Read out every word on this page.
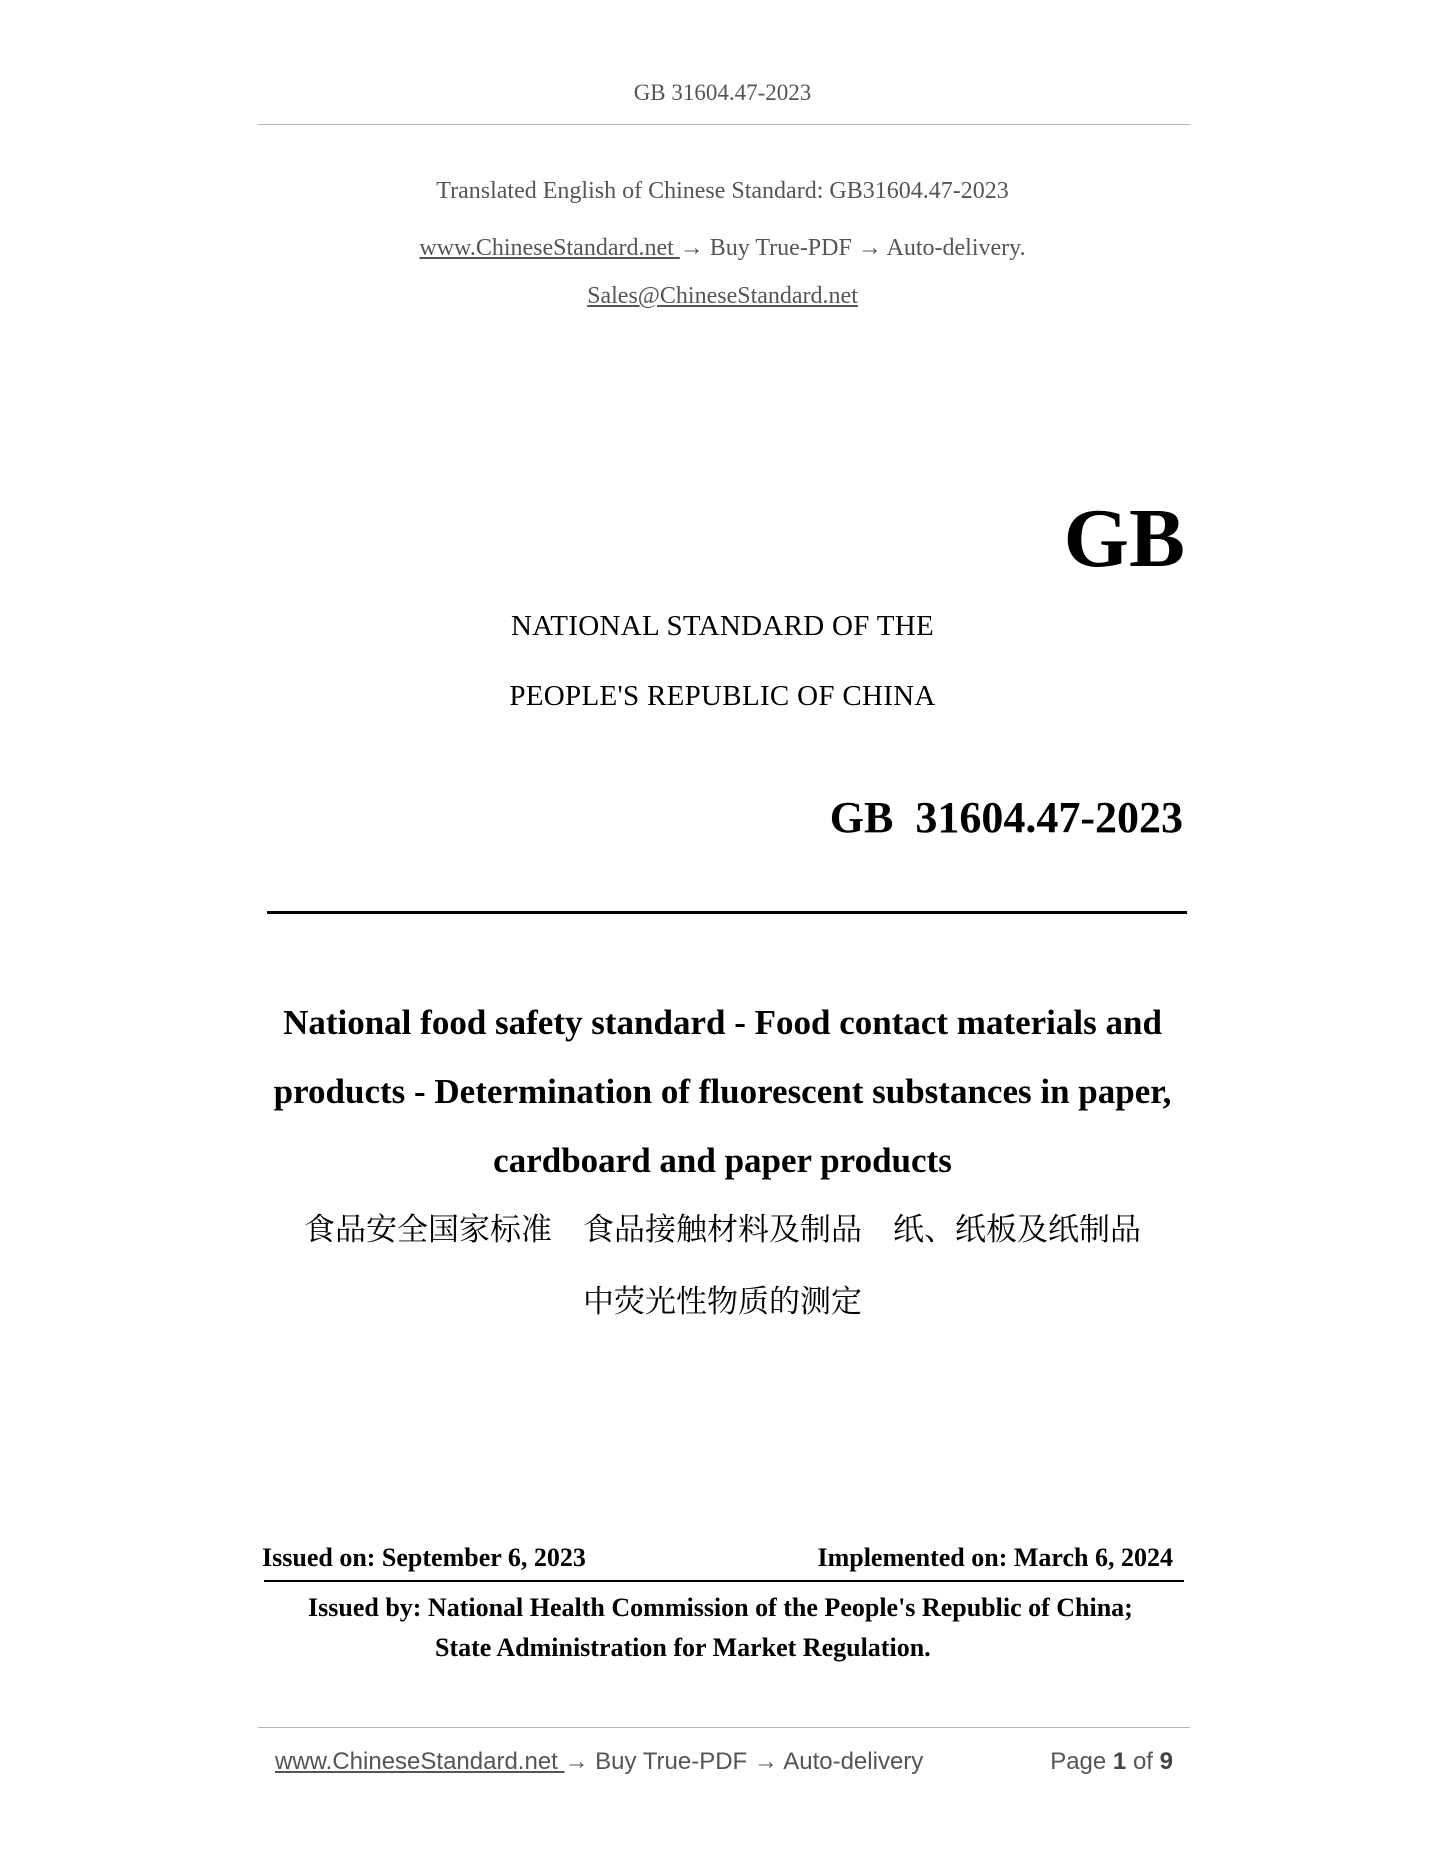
GB 31604.47-2023
Translated English of Chinese Standard: GB31604.47-2023
www.ChineseStandard.net → Buy True-PDF → Auto-delivery.
Sales@ChineseStandard.net
GB
NATIONAL STANDARD OF THE
PEOPLE'S REPUBLIC OF CHINA
GB  31604.47-2023
National food safety standard - Food contact materials and
products - Determination of fluorescent substances in paper,
cardboard and paper products
食品安全国家标准　食品接触材料及制品　纸、纸板及纸制品
中荧光性物质的测定
Issued on: September 6, 2023	Implemented on: March 6, 2024
Issued by: National Health Commission of the People's Republic of China;
State Administration for Market Regulation.
www.ChineseStandard.net → Buy True-PDF → Auto-delivery	Page 1 of 9
